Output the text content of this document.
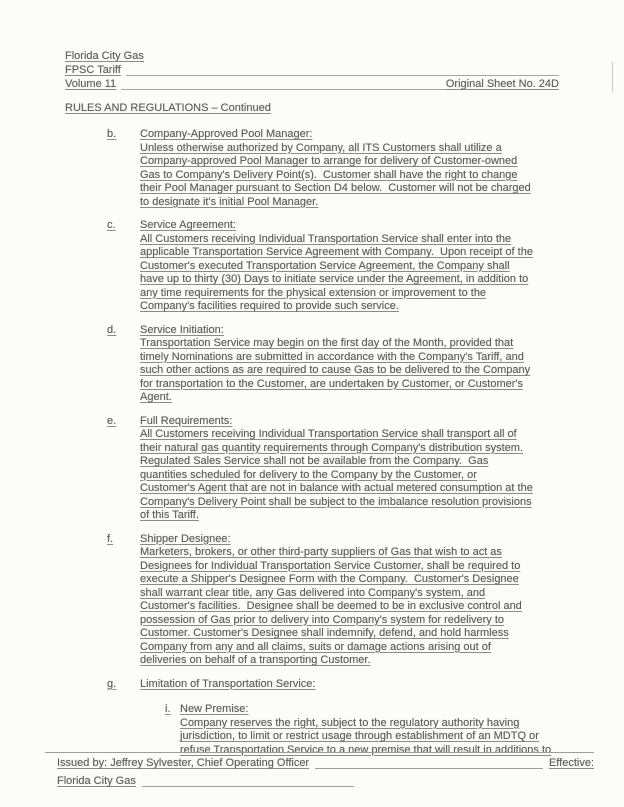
Florida City Gas
FPSC Tariff
Volume 11	Original Sheet No. 24D
RULES AND REGULATIONS – Continued
b.	Company-Approved Pool Manager:
Unless otherwise authorized by Company, all ITS Customers shall utilize a
Company-approved Pool Manager to arrange for delivery of Customer-owned
Gas to Company's Delivery Point(s).  Customer shall have the right to change
their Pool Manager pursuant to Section D4 below.  Customer will not be charged
to designate it's initial Pool Manager.
c.	Service Agreement:
All Customers receiving Individual Transportation Service shall enter into the
applicable Transportation Service Agreement with Company.  Upon receipt of the
Customer's executed Transportation Service Agreement, the Company shall
have up to thirty (30) Days to initiate service under the Agreement, in addition to
any time requirements for the physical extension or improvement to the
Company's facilities required to provide such service.
d.	Service Initiation:
Transportation Service may begin on the first day of the Month, provided that
timely Nominations are submitted in accordance with the Company's Tariff, and
such other actions as are required to cause Gas to be delivered to the Company
for transportation to the Customer, are undertaken by Customer, or Customer's
Agent.
e.	Full Requirements:
All Customers receiving Individual Transportation Service shall transport all of
their natural gas quantity requirements through Company's distribution system.
Regulated Sales Service shall not be available from the Company.  Gas
quantities scheduled for delivery to the Company by the Customer, or
Customer's Agent that are not in balance with actual metered consumption at the
Company's Delivery Point shall be subject to the imbalance resolution provisions
of this Tariff.
f.	Shipper Designee:
Marketers, brokers, or other third-party suppliers of Gas that wish to act as
Designees for Individual Transportation Service Customer, shall be required to
execute a Shipper's Designee Form with the Company.  Customer's Designee
shall warrant clear title, any Gas delivered into Company's system, and
Customer's facilities.  Designee shall be deemed to be in exclusive control and
possession of Gas prior to delivery into Company's system for redelivery to
Customer. Customer's Designee shall indemnify, defend, and hold harmless
Company from any and all claims, suits or damage actions arising out of
deliveries on behalf of a transporting Customer.
g.	Limitation of Transportation Service:
i. New Premise:
Company reserves the right, subject to the regulatory authority having
jurisdiction, to limit or restrict usage through establishment of an MDTQ or
refuse Transportation Service to a new premise that will result in additions to
Issued by: Jeffrey Sylvester, Chief Operating Officer	Effective:
Florida City Gas
